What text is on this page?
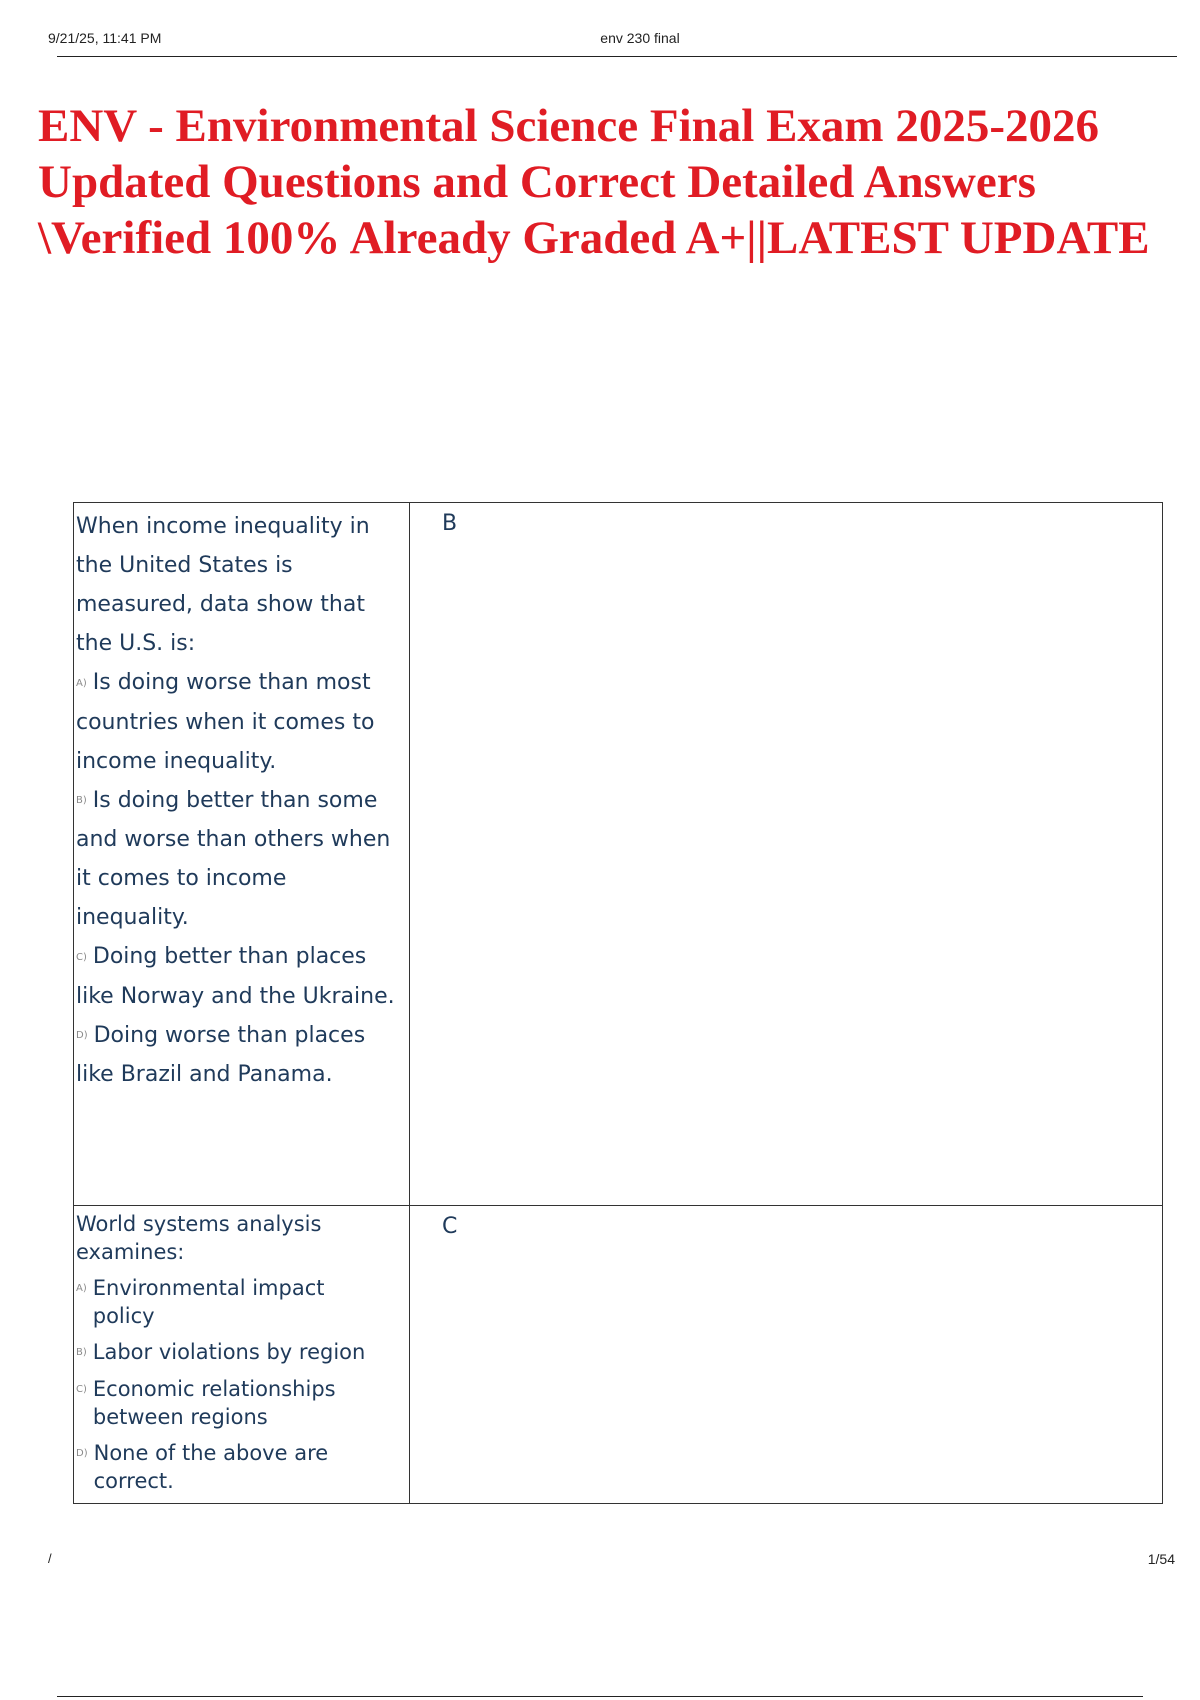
9/21/25, 11:41 PM	env 230 final
ENV - Environmental Science Final Exam 2025-2026 Updated Questions and Correct Detailed Answers \Verified 100% Already Graded A+||LATEST UPDATE
When income inequality in the United States is measured, data show that the U.S. is:
A) Is doing worse than most countries when it comes to income inequality.
B) Is doing better than some and worse than others when it comes to income inequality.
C) Doing better than places like Norway and the Ukraine.
D) Doing worse than places like Brazil and Panama.	B

World systems analysis examines:
A) Environmental impact policy
B) Labor violations by region
C) Economic relationships between regions
D) None of the above are correct.	C
/	1/54
